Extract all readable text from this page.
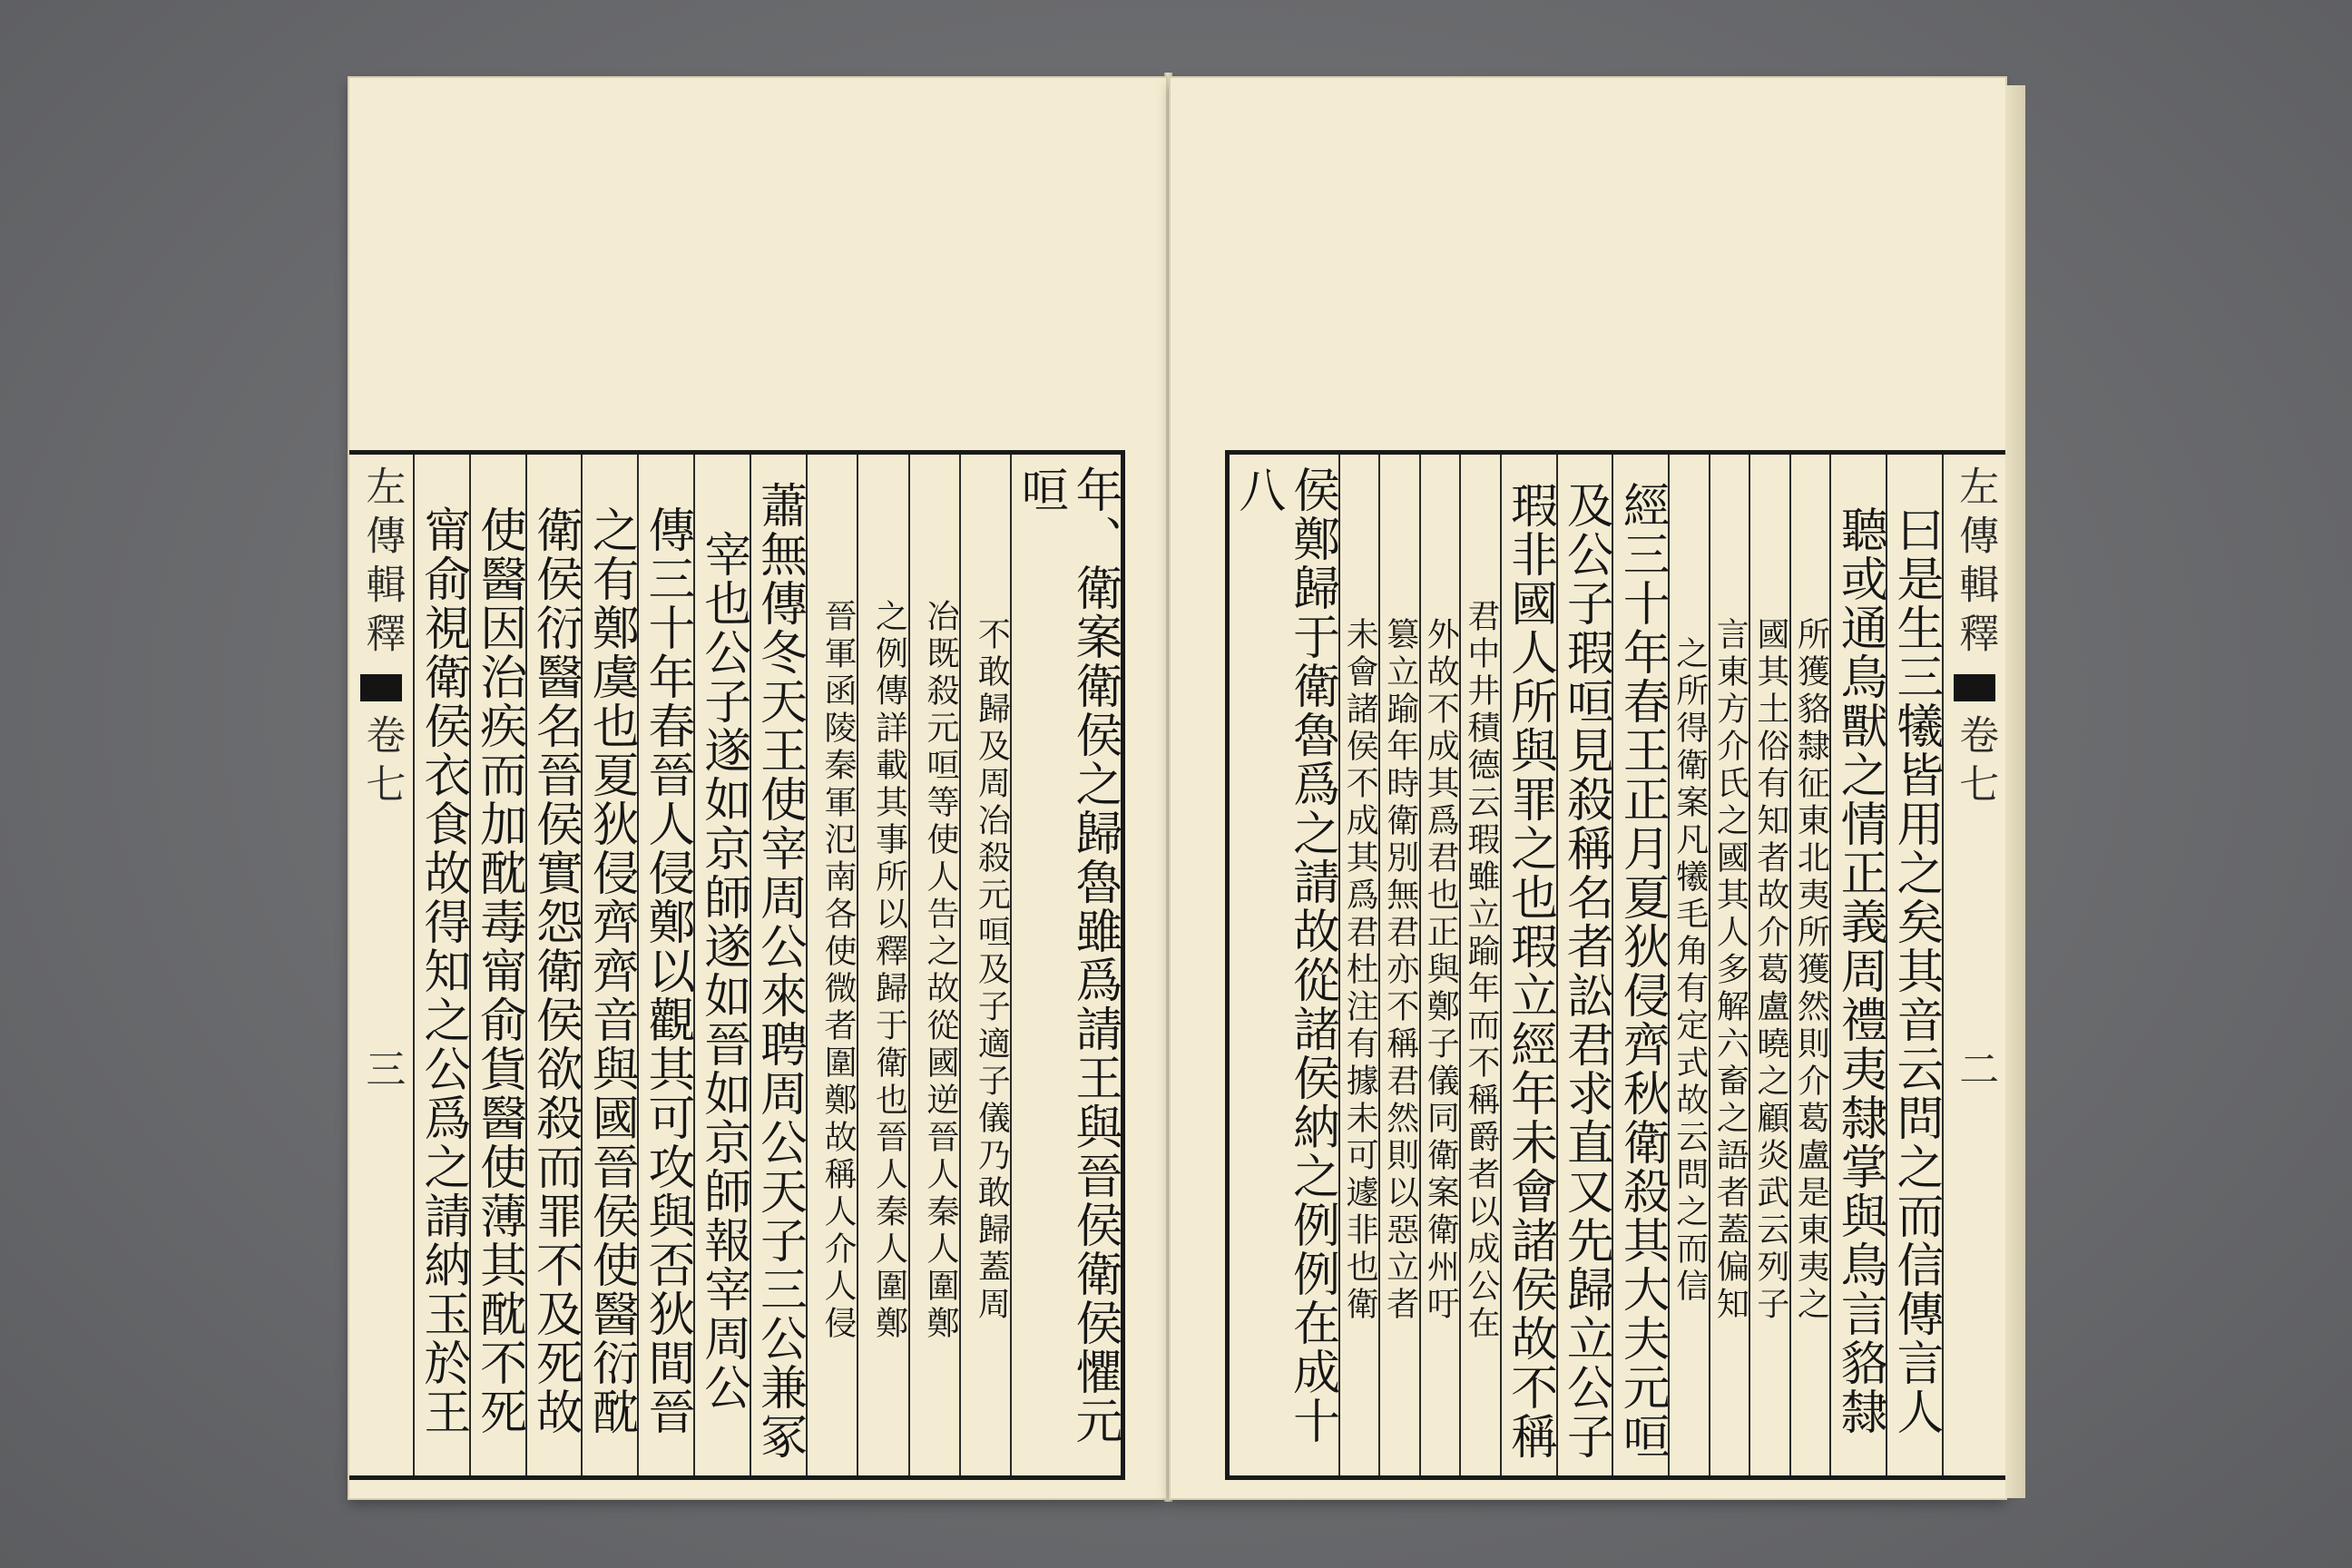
年、衛案衛侯之歸魯雖爲請王與晉侯衛侯懼元咺
不敢歸及周冶殺元咺及子適子儀乃敢歸蓋周
冶既殺元咺等使人告之故從國逆晉人秦人圍鄭
之例傳詳載其事所以釋歸于衛也晉人秦人圍鄭
晉軍函陵秦軍氾南各使微者圍鄭故稱人介人侵
蕭無傳冬天王使宰周公來聘周公天子三公兼冢
宰也公子遂如京師遂如晉如京師報宰周公
傳三十年春晉人侵鄭以觀其可攻與否狄間晉
之有鄭虞也夏狄侵齊齊音與國晉侯使醫衍酖
衛侯衍醫名晉侯實怨衛侯欲殺而罪不及死故
使醫因治疾而加酖毒甯俞貨醫使薄其酖不死
甯俞視衛侯衣食故得知之公爲之請納玉於王
左傳輯釋
卷七
三
左傳輯釋
卷七
二
曰是生三犧皆用之矣其音云問之而信傳言人
聽或通鳥獸之情正義周禮夷隸掌與鳥言貉隸
所獲貉隸征東北夷所獲然則介葛盧是東夷之
國其土俗有知者故介葛盧曉之顧炎武云列子
言東方介氏之國其人多解六畜之語者蓋偏知
之所得衛案凡犧毛角有定式故云問之而信
經三十年春王正月夏狄侵齊秋衛殺其大夫元咺
及公子瑕咺見殺稱名者訟君求直又先歸立公子
瑕非國人所與罪之也瑕立經年未會諸侯故不稱
君中井積德云瑕雖立踰年而不稱爵者以成公在
外故不成其爲君也正與鄭子儀同衛案衛州吁
篡立踰年時衛別無君亦不稱君然則以惡立者
未會諸侯不成其爲君杜注有據未可遽非也衛
侯鄭歸于衛魯爲之請故從諸侯納之例例在成十八
